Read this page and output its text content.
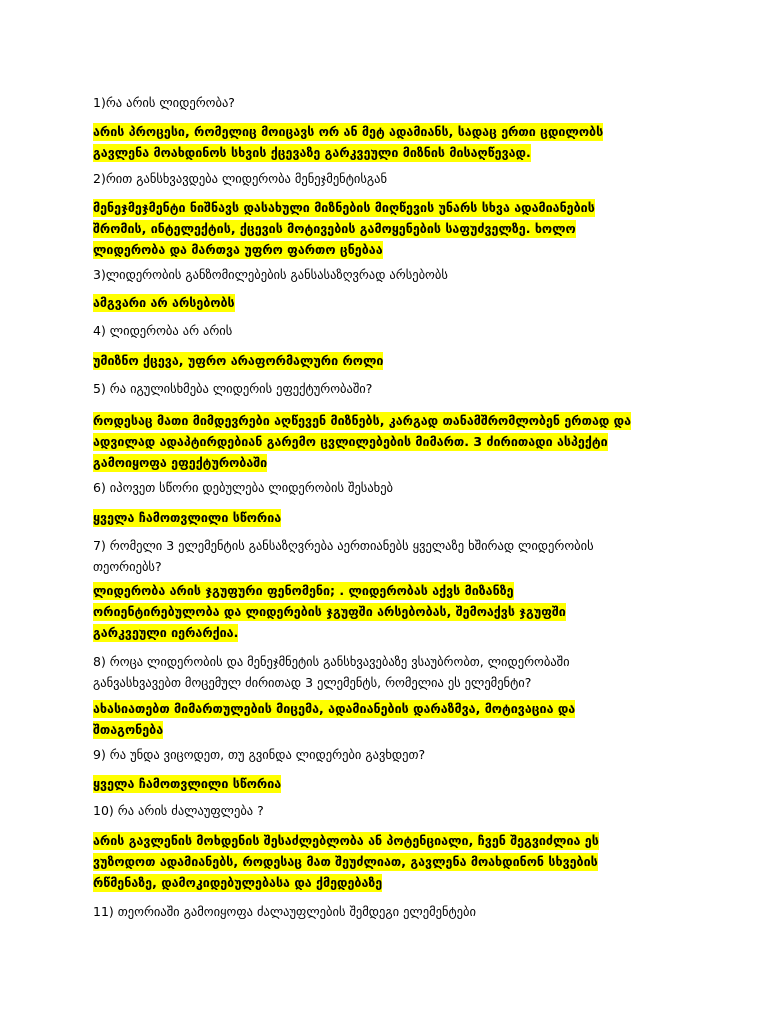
1)რა არის ლიდერობა?
არის პროცესი, რომელიც მოიცავს ორ ან მეტ ადამიანს, სადაც ერთი ცდილობს
გავლენა მოახდინოს სხვის ქცევაზე გარკვეული მიზნის მისაღწევად.
2)რით განსხვავდება ლიდერობა მენეჯმენტისგან
მენეჯმეჯმენტი ნიშნავს დასახული მიზნების მიღწევის უნარს სხვა ადამიანების
შრომის, ინტელექტის, ქცევის მოტივების გამოყენების საფუძველზე. ხოლო
ლიდერობა და მართვა უფრო ფართო ცნებაა
3)ლიდერობის განზომილებების განსასაზღვრად არსებობს
ამგვარი არ არსებობს
4) ლიდერობა არ არის
უმიზნო ქცევა, უფრო არაფორმალური როლი
5) რა იგულისხმება ლიდერის ეფექტურობაში?
როდესაც მათი მიმდევრები აღწევენ მიზნებს, კარგად თანამშრომლობენ ერთად და
ადვილად ადაპტირდებიან გარემო ცვლილებების მიმართ. 3 ძირითადი ასპექტი
გამოიყოფა ეფექტურობაში
6) იპოვეთ სწორი დებულება ლიდერობის შესახებ
ყველა ჩამოთვლილი სწორია
7) რომელი 3 ელემენტის განსაზღვრება აერთიანებს ყველაზე ხშირად ლიდერობის
თეორიებს?
ლიდერობა არის ჯგუფური ფენომენი; . ლიდერობას აქვს მიზანზე
ორიენტირებულობა და ლიდერების ჯგუფში არსებობას, შემოაქვს ჯგუფში
გარკვეული იერარქია.
8) როცა ლიდერობის და მენეჯმნეტის განსხვავებაზე ვსაუბრობთ, ლიდერობაში
განვასხვავებთ მოცემულ ძირითად 3 ელემენტს, რომელია ეს ელემენტი?
ახასიათებთ მიმართულების მიცემა, ადამიანების დარაზმვა, მოტივაცია და
შთაგონება
9) რა უნდა ვიცოდეთ, თუ გვინდა ლიდერები გავხდეთ?
ყველა ჩამოთვლილი სწორია
10) რა არის ძალაუფლება ?
არის გავლენის მოხდენის შესაძლებლობა ან პოტენციალი, ჩვენ შეგვიძლია ეს
ვუზოდოთ ადამიანებს, როდესაც მათ შეუძლიათ, გავლენა მოახდინონ სხვების
რწმენაზე, დამოკიდებულებასა და ქმედებაზე
11) თეორიაში გამოიყოფა ძალაუფლების შემდეგი ელემენტები
